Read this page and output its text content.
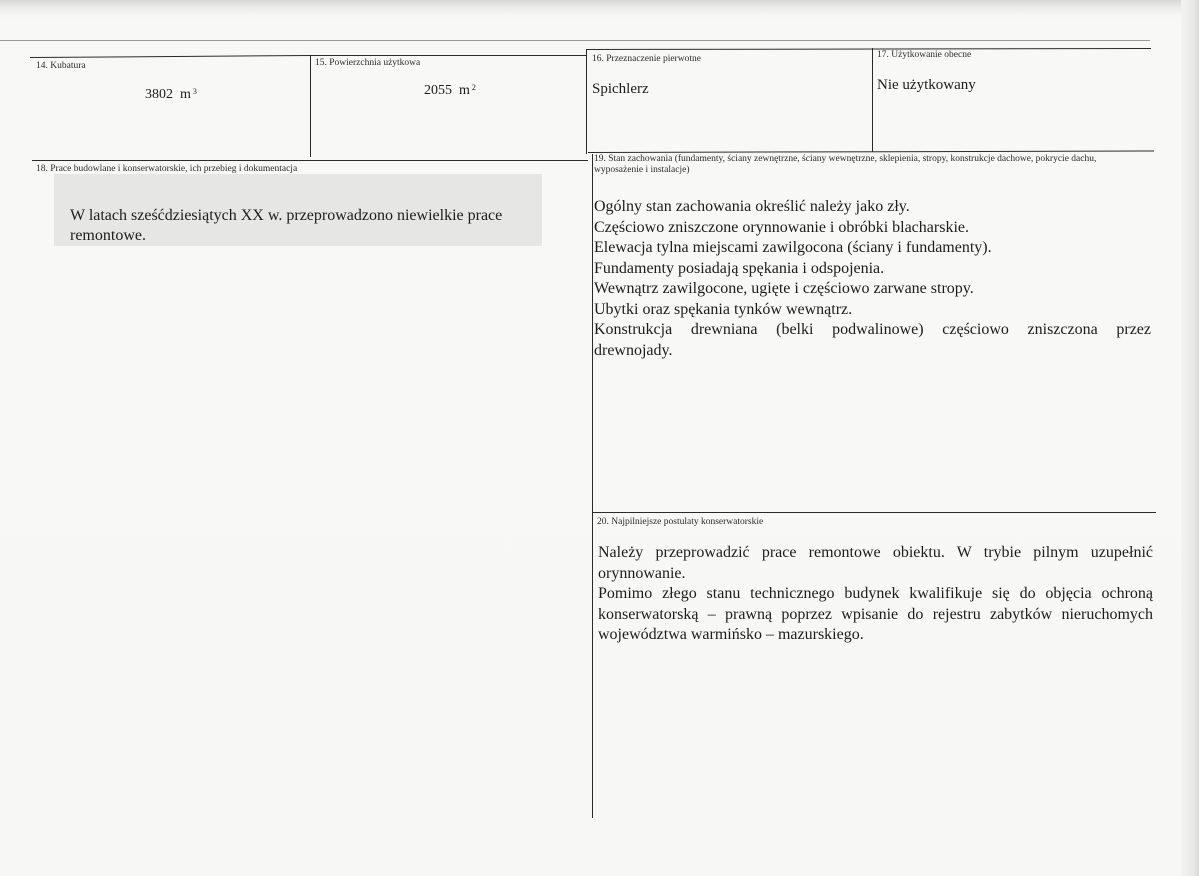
14. Kubatura
3802 m $^3$
15. Powierzchnia użytkowa
2055 m $^2$
16. Przeznaczenie pierwotne
Spichlerz
17. Użytkowanie obecne
Nie użytkowany
18. Prace budowlane i konserwatorskie, ich przebieg i dokumentacja
W latach sześćdziesiątych XX w. przeprowadzono niewielkie prace
remontowe.
19. Stan zachowania (fundamenty, ściany zewnętrzne, ściany wewnętrzne, sklepienia, stropy, konstrukcje dachowe, pokrycie dachu, wyposażenie i instalacje)
Ogólny stan zachowania określić należy jako zły.
Częściowo zniszczone orynnowanie i obróbki blacharskie.
Elewacja tylna miejscami zawilgocona (ściany i fundamenty).
Fundamenty posiadają spękania i odspojenia.
Wewnątrz zawilgocone, ugięte i częściowo zarwane stropy.
Ubytki oraz spękania tynków wewnątrz.
Konstrukcja drewniana (belki podwalinowe) częściowo zniszczona przez
drewnojady.
20. Najpilniejsze postulaty konserwatorskie
Należy przeprowadzić prace remontowe obiektu. W trybie pilnym uzupełnić
orynnowanie.
Pomimo złego stanu technicznego budynek kwalifikuje się do objęcia ochroną
konserwatorską – prawną poprzez wpisanie do rejestru zabytków nieruchomych
województwa warmińsko – mazurskiego.
